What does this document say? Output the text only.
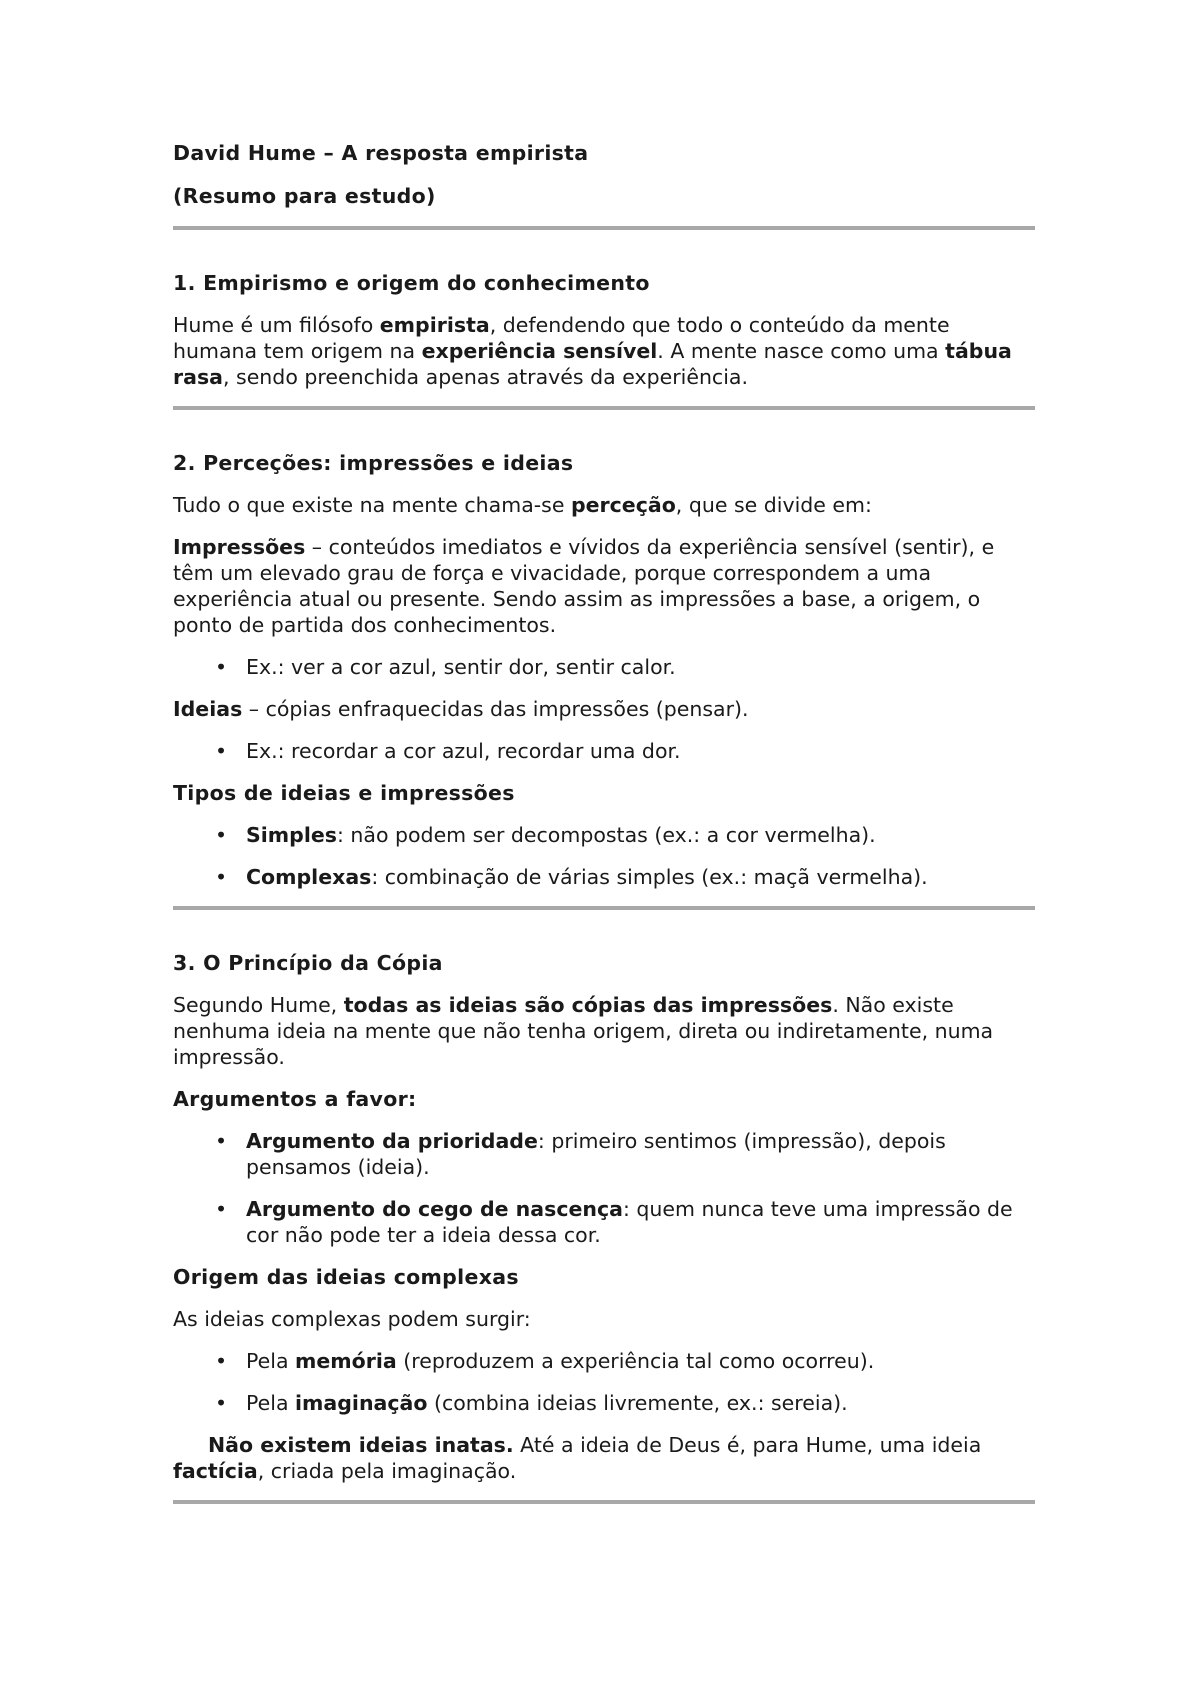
David Hume – A resposta empirista

(Resumo para estudo)

1. Empirismo e origem do conhecimento

Hume é um filósofo empirista, defendendo que todo o conteúdo da mente humana tem origem na experiência sensível. A mente nasce como uma tábua rasa, sendo preenchida apenas através da experiência.

2. Perceções: impressões e ideias

Tudo o que existe na mente chama-se perceção, que se divide em:

Impressões – conteúdos imediatos e vívidos da experiência sensível (sentir), e têm um elevado grau de força e vivacidade, porque correspondem a uma experiência atual ou presente. Sendo assim as impressões a base, a origem, o ponto de partida dos conhecimentos.

• Ex.: ver a cor azul, sentir dor, sentir calor.

Ideias – cópias enfraquecidas das impressões (pensar).

• Ex.: recordar a cor azul, recordar uma dor.

Tipos de ideias e impressões

• Simples: não podem ser decompostas (ex.: a cor vermelha).
• Complexas: combinação de várias simples (ex.: maçã vermelha).

3. O Princípio da Cópia

Segundo Hume, todas as ideias são cópias das impressões. Não existe nenhuma ideia na mente que não tenha origem, direta ou indiretamente, numa impressão.

Argumentos a favor:

• Argumento da prioridade: primeiro sentimos (impressão), depois pensamos (ideia).
• Argumento do cego de nascença: quem nunca teve uma impressão de cor não pode ter a ideia dessa cor.

Origem das ideias complexas

As ideias complexas podem surgir:

• Pela memória (reproduzem a experiência tal como ocorreu).
• Pela imaginação (combina ideias livremente, ex.: sereia).

Não existem ideias inatas. Até a ideia de Deus é, para Hume, uma ideia factícia, criada pela imaginação.
